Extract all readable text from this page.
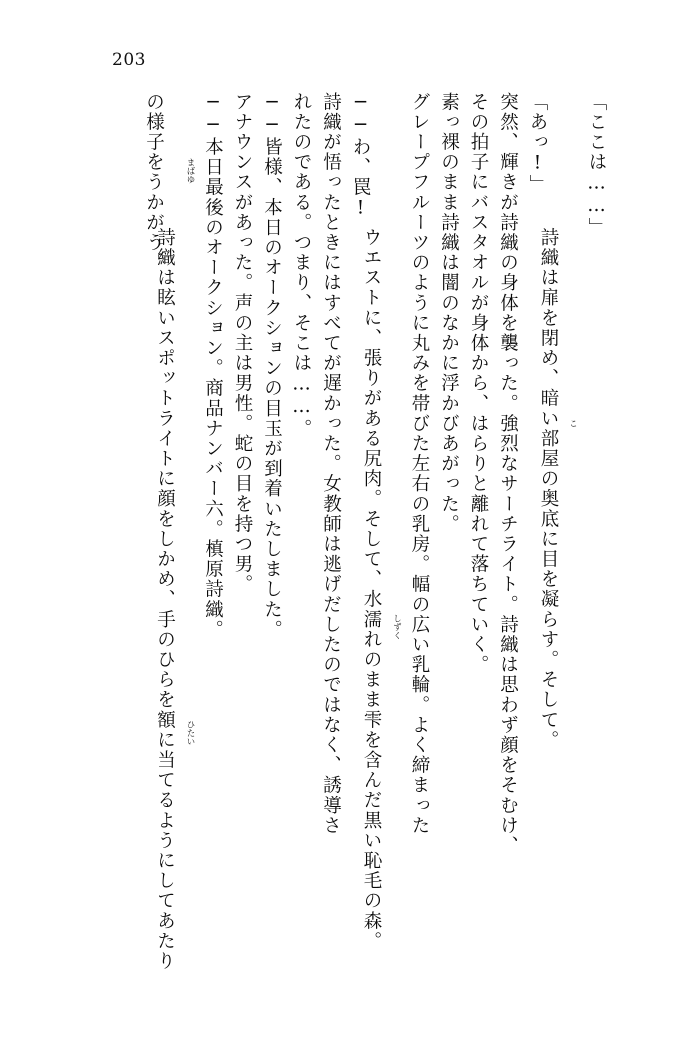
203
「ここは……」

詩織は扉を閉め、暗い部屋の奥底に目を凝らす。そして。
こ

「あっ!」
突然、輝きが詩織の身体を襲った。強烈なサーチライト。詩織は思わず顔をそむけ、
その拍子にバスタオルが身体から、はらりと離れて落ちていく。
素っ裸のまま詩織は闇のなかに浮かびあがった。
グレープフルーツのように丸みを帯びた左右の乳房。幅の広い乳輪。よく締まった

ウエストに、張りがある尻肉。そして、水濡れのまま雫を含んだ黒い恥毛の森。
しずく

──わ、罠!
詩織が悟ったときにはすべてが遅かった。女教師は逃げだしたのではなく、誘導さ
れたのである。つまり、そこは……。
──皆様、本日のオークションの目玉が到着いたしました。
アナウンスがあった。声の主は男性。蛇の目を持つ男。
──本日最後のオークション。商品ナンバー六。槙原詩織。

詩織は眩いスポットライトに顔をしかめ、手のひらを額に当てるようにしてあたり

まばゆ

ひたい

の様子をうかがう。
